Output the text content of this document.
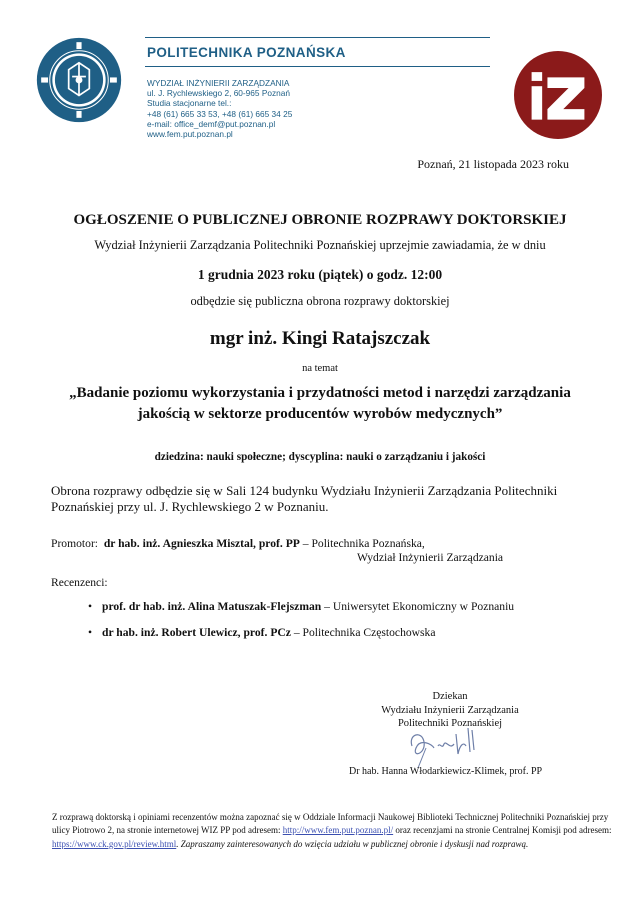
POLITECHNIKA POZNAŃSKA
WYDZIAŁ INŻYNIERII ZARZĄDZANIA
ul. J. Rychlewskiego 2, 60-965 Poznań
Studia stacjonarne tel.:
+48 (61) 665 33 53, +48 (61) 665 34 25
e-mail: office_demf@put.poznan.pl
www.fem.put.poznan.pl
Poznań, 21 listopada 2023 roku
OGŁOSZENIE O PUBLICZNEJ OBRONIE ROZPRAWY DOKTORSKIEJ
Wydział Inżynierii Zarządzania Politechniki Poznańskiej uprzejmie zawiadamia, że w dniu
1 grudnia 2023 roku (piątek) o godz. 12:00
odbędzie się publiczna obrona rozprawy doktorskiej
mgr inż. Kingi Ratajszczak
na temat
„Badanie poziomu wykorzystania i przydatności metod i narzędzi zarządzania
jakością w sektorze producentów wyrobów medycznych”
dziedzina: nauki społeczne; dyscyplina: nauki o zarządzaniu i jakości
Obrona rozprawy odbędzie się w Sali 124 budynku Wydziału Inżynierii Zarządzania Politechniki
Poznańskiej przy ul. J. Rychlewskiego 2 w Poznaniu.
Promotor: dr hab. inż. Agnieszka Misztal, prof. PP – Politechnika Poznańska,
Wydział Inżynierii Zarządzania
Recenzenci:
• prof. dr hab. inż. Alina Matuszak-Flejszman – Uniwersytet Ekonomiczny w Poznaniu
• dr hab. inż. Robert Ulewicz, prof. PCz – Politechnika Częstochowska
Dziekan
Wydziału Inżynierii Zarządzania
Politechniki Poznańskiej
Dr hab. Hanna Włodarkiewicz-Klimek, prof. PP
Z rozprawą doktorską i opiniami recenzentów można zapoznać się w Oddziale Informacji Naukowej Biblioteki Technicznej Politechniki Poznańskiej przy ulicy Piotrowo 2, na stronie internetowej WIZ PP pod adresem: http://www.fem.put.poznan.pl/ oraz recenzjami na stronie Centralnej Komisji pod adresem: https://www.ck.gov.pl/review.html. Zapraszamy zainteresowanych do wzięcia udziału w publicznej obronie i dyskusji nad rozprawą.
